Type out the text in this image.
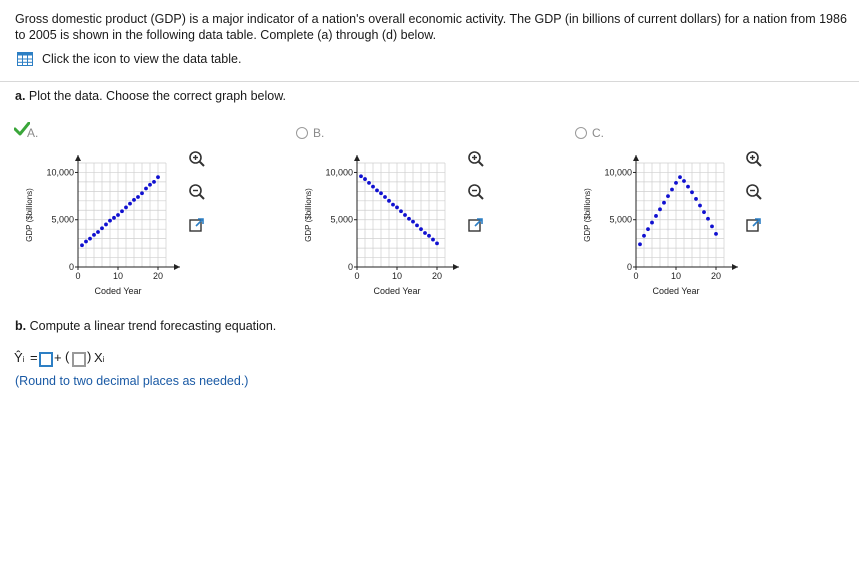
Gross domestic product (GDP) is a major indicator of a nation's overall economic activity. The GDP (in billions of current dollars) for a nation from 1986 to 2005 is shown in the following data table. Complete (a) through (d) below.
Click the icon to view the data table.
a. Plot the data. Choose the correct graph below.
A.	B.	C.
0
5,000
10,000
0	10	20
Coded Year
GDP ($billions)
0
5,000
10,000
0	10	20
Coded Year
GDP ($billions)
0
5,000
10,000
0	10	20
Coded Year
GDP ($billions)
b. Compute a linear trend forecasting equation.
Ŷi = + ( ) Xi
(Round to two decimal places as needed.)
